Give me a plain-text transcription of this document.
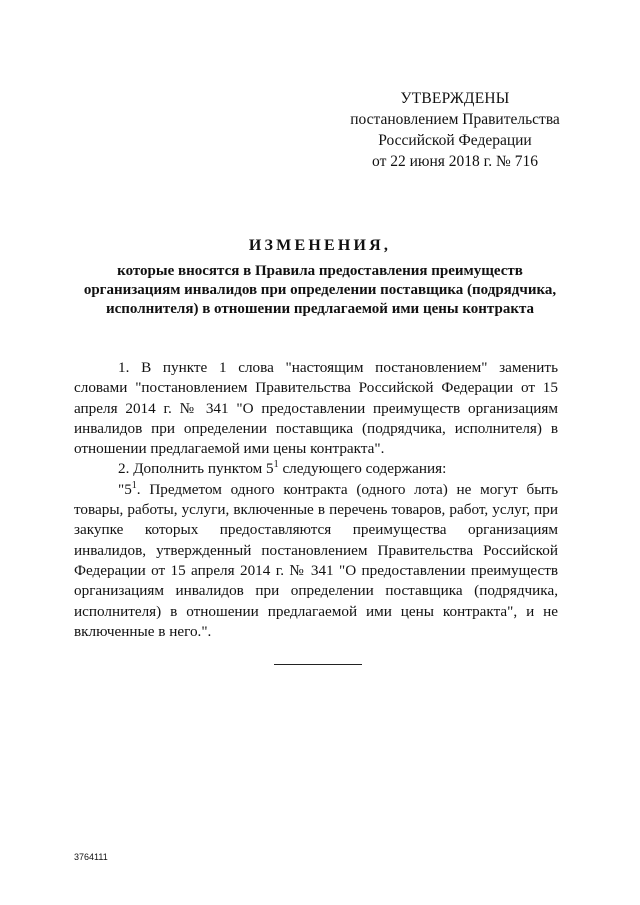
УТВЕРЖДЕНЫ
постановлением Правительства
Российской Федерации
от 22 июня 2018 г. № 716
ИЗМЕНЕНИЯ,
которые вносятся в Правила предоставления преимуществ
организациям инвалидов при определении поставщика (подрядчика,
исполнителя) в отношении предлагаемой ими цены контракта

1. В пункте 1 слова "настоящим постановлением" заменить словами "постановлением Правительства Российской Федерации от 15 апреля 2014 г. № 341 "О предоставлении преимуществ организациям инвалидов при определении поставщика (подрядчика, исполнителя) в отношении предлагаемой ими цены контракта".

2. Дополнить пунктом $5^1$ следующего содержания:

"$5^1$. Предметом одного контракта (одного лота) не могут быть товары, работы, услуги, включенные в перечень товаров, работ, услуг, при закупке которых предоставляются преимущества организациям инвалидов, утвержденный постановлением Правительства Российской Федерации от 15 апреля 2014 г. № 341 "О предоставлении преимуществ организациям инвалидов при определении поставщика (подрядчика, исполнителя) в отношении предлагаемой ими цены контракта", и не включенные в него.".

3764111
